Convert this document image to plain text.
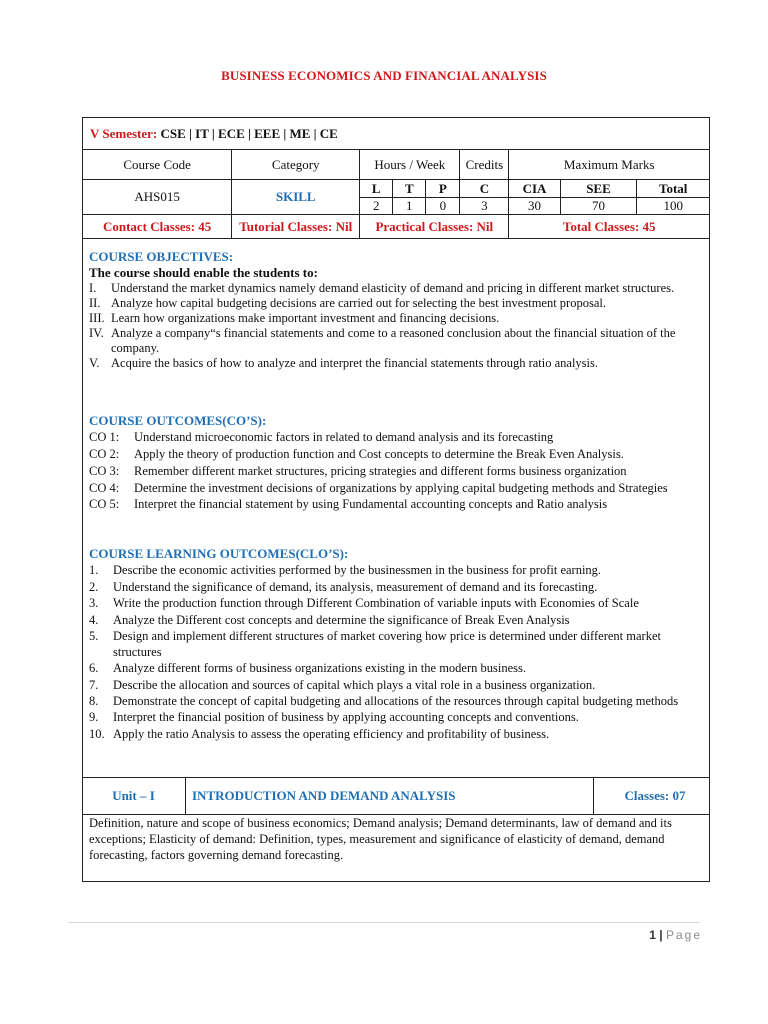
BUSINESS ECONOMICS AND FINANCIAL ANALYSIS
V Semester: CSE | IT | ECE | EEE | ME | CE								
Course Code	Category	Hours / Week			Credits	Maximum Marks		
AHS015	SKILL	L	T	P	C	CIA	SEE	Total
		2	1	0	3	30	70	100
Contact Classes: 45	Tutorial Classes: Nil	Practical Classes: Nil				Total Classes: 45		
COURSE OBJECTIVES:
The course should enable the students to:
I.	Understand the market dynamics namely demand elasticity of demand and pricing in different market structures.
II. Analyze how capital budgeting decisions are carried out for selecting the best investment proposal.
III. Learn how organizations make important investment and financing decisions.
IV. Analyze a company“s financial statements and come to a reasoned conclusion about the financial situation of the company.
V. Acquire the basics of how to analyze and interpret the financial statements through ratio analysis.
COURSE OUTCOMES(CO’S):
CO 1:	Understand microeconomic factors in related to demand analysis and its forecasting
CO 2:	Apply the theory of production function and Cost concepts to determine the Break Even Analysis.
CO 3:	Remember different market structures, pricing strategies and different forms business organization
CO 4:	Determine the investment decisions of organizations by applying capital budgeting methods and Strategies
CO 5:	Interpret the financial statement by using Fundamental accounting concepts and Ratio analysis
COURSE LEARNING OUTCOMES(CLO’S):
1.	Describe the economic activities performed by the businessmen in the business for profit earning.
2.	Understand the significance of demand, its analysis, measurement of demand and its forecasting.
3.	Write the production function through Different Combination of variable inputs with Economies of Scale
4.	Analyze the Different cost concepts and determine the significance of Break Even Analysis
5.	Design and implement different structures of market covering how price is determined under different market structures
6.	Analyze different forms of business organizations existing in the modern business.
7.	Describe the allocation and sources of capital which plays a vital role in a business organization.
8.	Demonstrate the concept of capital budgeting and allocations of the resources through capital budgeting methods
9.	Interpret the financial position of business by applying accounting concepts and conventions.
10. Apply the ratio Analysis to assess the operating efficiency and profitability of business.
Unit – I	INTRODUCTION AND DEMAND ANALYSIS	Classes: 07
Definition, nature and scope of business economics; Demand analysis; Demand determinants, law of demand and its exceptions; Elasticity of demand: Definition, types, measurement and significance of elasticity of demand, demand forecasting, factors governing demand forecasting.
1 | Page
